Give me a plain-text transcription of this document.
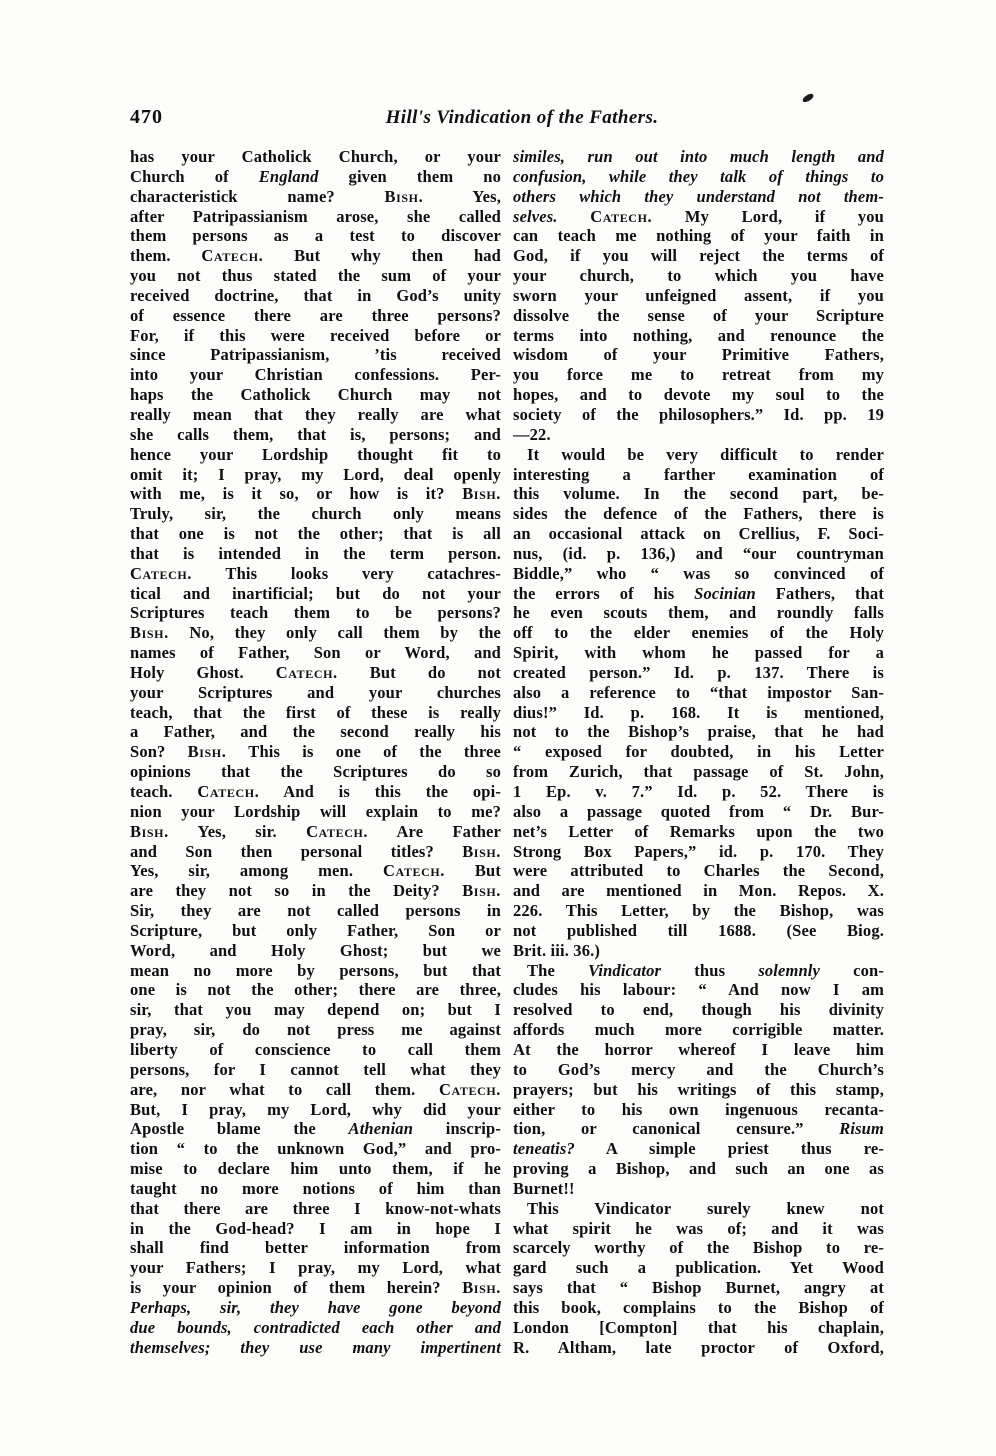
470	Hill's Vindication of the Fathers.
has your Catholick Church, or your
Church of England given them no
characteristick name? Bish. Yes,
after Patripassianism arose, she called
them persons as a test to discover
them. Catech. But why then had
you not thus stated the sum of your
received doctrine, that in God’s unity
of essence there are three persons?
For, if this were received before or
since Patripassianism, ’tis received
into your Christian confessions. Per-
haps the Catholick Church may not
really mean that they really are what
she calls them, that is, persons; and
hence your Lordship thought fit to
omit it; I pray, my Lord, deal openly
with me, is it so, or how is it? Bish.
Truly, sir, the church only means
that one is not the other; that is all
that is intended in the term person.
Catech. This looks very catachres-
tical and inartificial; but do not your
Scriptures teach them to be persons?
Bish. No, they only call them by the
names of Father, Son or Word, and
Holy Ghost. Catech. But do not
your Scriptures and your churches
teach, that the first of these is really
a Father, and the second really his
Son? Bish. This is one of the three
opinions that the Scriptures do so
teach. Catech. And is this the opi-
nion your Lordship will explain to me?
Bish. Yes, sir. Catech. Are Father
and Son then personal titles? Bish.
Yes, sir, among men. Catech. But
are they not so in the Deity? Bish.
Sir, they are not called persons in
Scripture, but only Father, Son or
Word, and Holy Ghost; but we
mean no more by persons, but that
one is not the other; there are three,
sir, that you may depend on; but I
pray, sir, do not press me against
liberty of conscience to call them
persons, for I cannot tell what they
are, nor what to call them. Catech.
But, I pray, my Lord, why did your
Apostle blame the Athenian inscrip-
tion “ to the unknown God,” and pro-
mise to declare him unto them, if he
taught no more notions of him than
that there are three I know-not-whats
in the God-head? I am in hope I
shall find better information from
your Fathers; I pray, my Lord, what
is your opinion of them herein? Bish.
Perhaps, sir, they have gone beyond
due bounds, contradicted each other and
themselves; they use many impertinent
similes, run out into much length and
confusion, while they talk of things to
others which they understand not them-
selves. Catech. My Lord, if you
can teach me nothing of your faith in
God, if you will reject the terms of
your church, to which you have
sworn your unfeigned assent, if you
dissolve the sense of your Scripture
terms into nothing, and renounce the
wisdom of your Primitive Fathers,
you force me to retreat from my
hopes, and to devote my soul to the
society of the philosophers.” Id. pp. 19
—22.
It would be very difficult to render
interesting a farther examination of
this volume. In the second part, be-
sides the defence of the Fathers, there is
an occasional attack on Crellius, F. Soci-
nus, (id. p. 136,) and “our countryman
Biddle,” who “ was so convinced of
the errors of his Socinian Fathers, that
he even scouts them, and roundly falls
off to the elder enemies of the Holy
Spirit, with whom he passed for a
created person.” Id. p. 137. There is
also a reference to “that impostor San-
dius!” Id. p. 168. It is mentioned,
not to the Bishop’s praise, that he had
“ exposed for doubted, in his Letter
from Zurich, that passage of St. John,
1 Ep. v. 7.” Id. p. 52. There is
also a passage quoted from “ Dr. Bur-
net’s Letter of Remarks upon the two
Strong Box Papers,” id. p. 170. They
were attributed to Charles the Second,
and are mentioned in Mon. Repos. X.
226. This Letter, by the Bishop, was
not published till 1688. (See Biog.
Brit. iii. 36.)
The Vindicator thus solemnly con-
cludes his labour: “ And now I am
resolved to end, though his divinity
affords much more corrigible matter.
At the horror whereof I leave him
to God’s mercy and the Church’s
prayers; but his writings of this stamp,
either to his own ingenuous recanta-
tion, or canonical censure.” Risum
teneatis? A simple priest thus re-
proving a Bishop, and such an one as
Burnet!!
This Vindicator surely knew not
what spirit he was of; and it was
scarcely worthy of the Bishop to re-
gard such a publication. Yet Wood
says that “ Bishop Burnet, angry at
this book, complains to the Bishop of
London [Compton] that his chaplain,
R. Altham, late proctor of Oxford,
